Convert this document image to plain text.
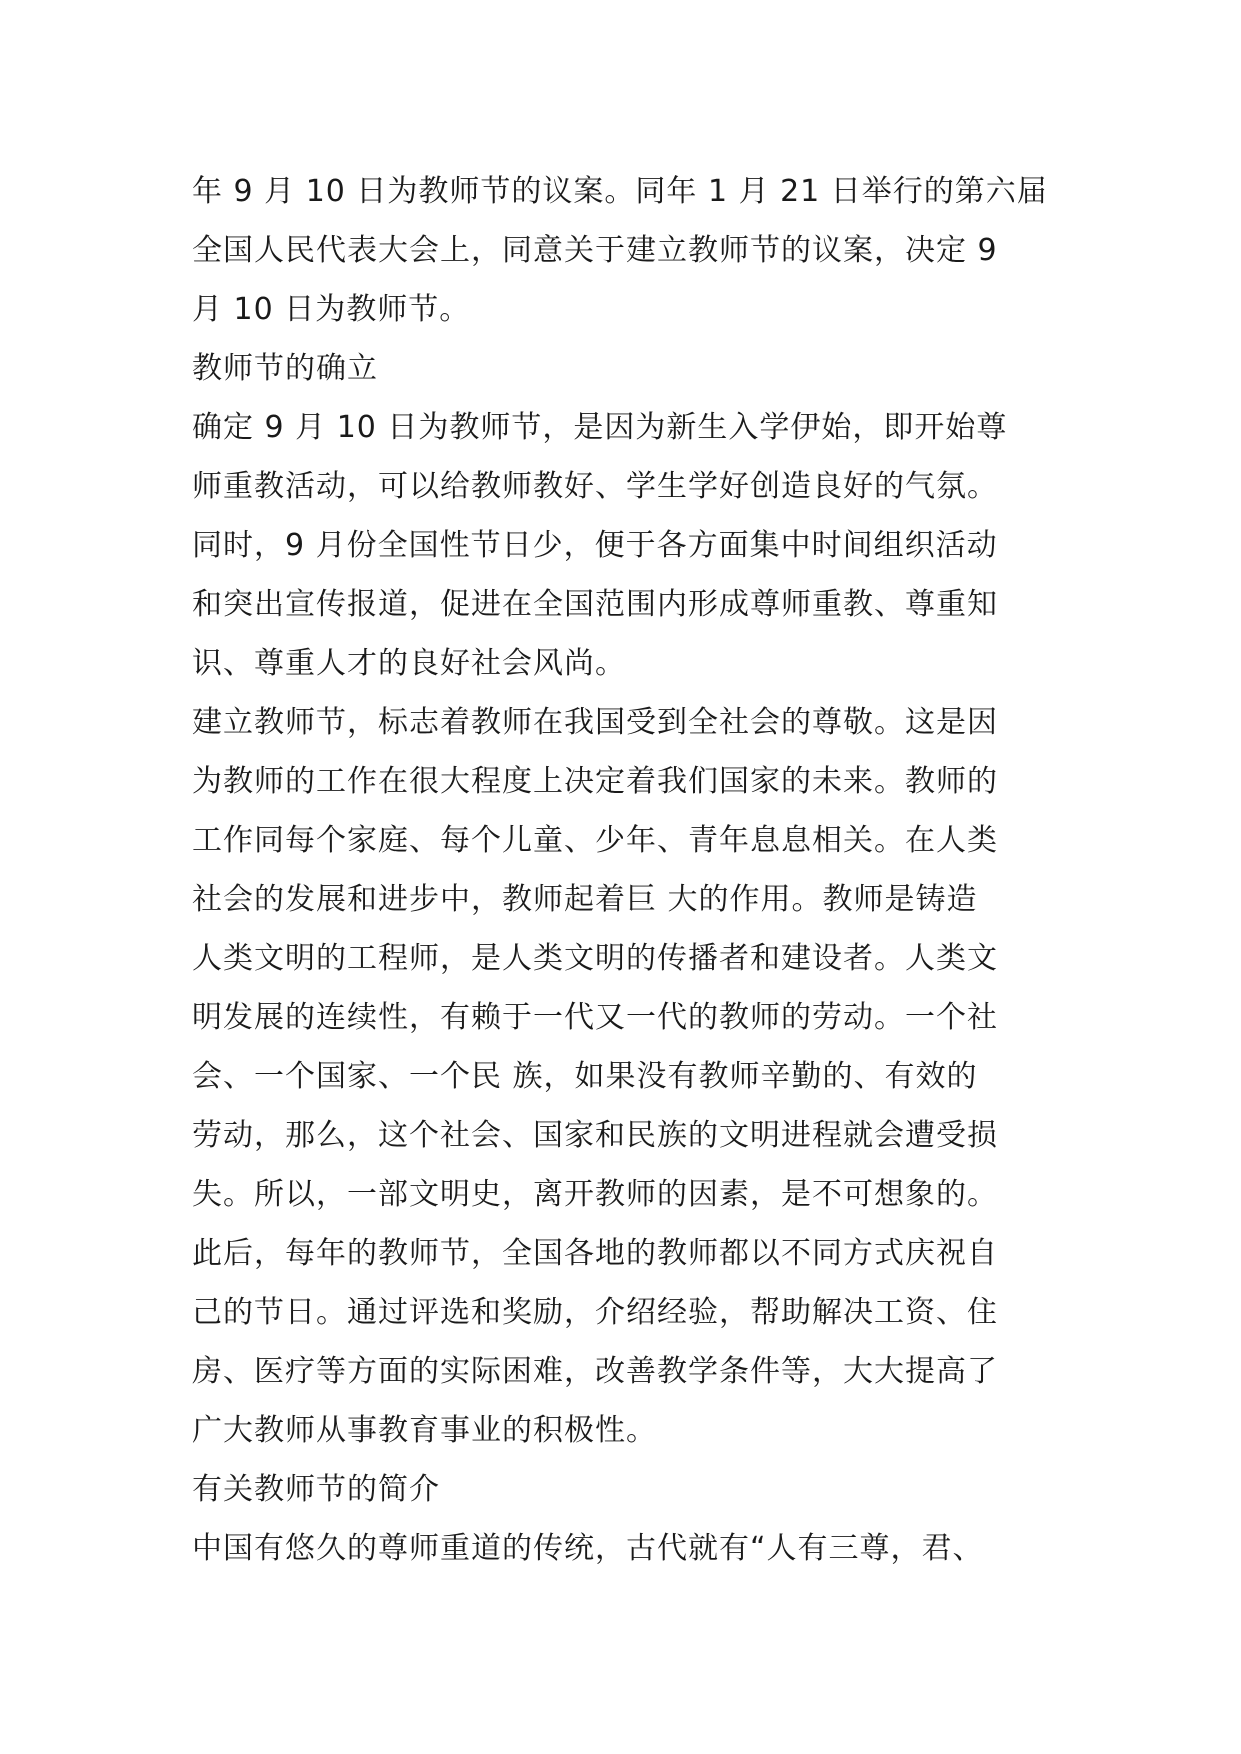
年 9 月 10 日为教师节的议案。同年 1 月 21 日举行的第六届
全国人民代表大会上，同意关于建立教师节的议案，决定 9
月 10 日为教师节。
教师节的确立
确定 9 月 10 日为教师节，是因为新生入学伊始，即开始尊
师重教活动，可以给教师教好、学生学好创造良好的气氛。
同时，9 月份全国性节日少，便于各方面集中时间组织活动
和突出宣传报道，促进在全国范围内形成尊师重教、尊重知
识、尊重人才的良好社会风尚。
建立教师节，标志着教师在我国受到全社会的尊敬。这是因
为教师的工作在很大程度上决定着我们国家的未来。教师的
工作同每个家庭、每个儿童、少年、青年息息相关。在人类
社会的发展和进步中，教师起着巨 大的作用。教师是铸造
人类文明的工程师，是人类文明的传播者和建设者。人类文
明发展的连续性，有赖于一代又一代的教师的劳动。一个社
会、一个国家、一个民 族，如果没有教师辛勤的、有效的
劳动，那么，这个社会、国家和民族的文明进程就会遭受损
失。所以，一部文明史，离开教师的因素，是不可想象的。
此后，每年的教师节，全国各地的教师都以不同方式庆祝自
己的节日。通过评选和奖励，介绍经验，帮助解决工资、住
房、医疗等方面的实际困难，改善教学条件等，大大提高了
广大教师从事教育事业的积极性。
有关教师节的简介
中国有悠久的尊师重道的传统，古代就有“人有三尊，君、
